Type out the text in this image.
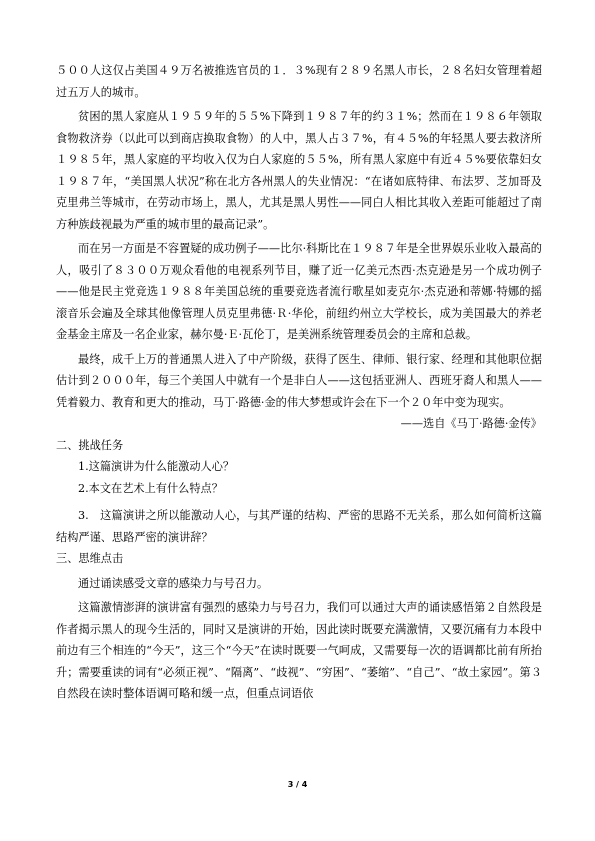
５００人这仅占美国４９万名被推选官员的１．３%现有２８９名黑人市长，２８名妇女管理着超过五万人的城市。

贫困的黑人家庭从１９５９年的５５%下降到１９８７年的约３１%；然而在１９８６年领取食物救济券（以此可以到商店换取食物）的人中，黑人占３７%，有４５%的年轻黑人要去救济所１９８５年，黑人家庭的平均收入仅为白人家庭的５５%，所有黑人家庭中有近４５%要依靠妇女１９８７年，“美国黑人状况”称在北方各州黑人的失业情况：“在诸如底特律、布法罗、芝加哥及克里弗兰等城市，在劳动市场上，黑人，尤其是黑人男性——同白人相比其收入差距可能超过了南方种族歧视最为严重的城市里的最高记录”。

而在另一方面是不容置疑的成功例子——比尔·科斯比在１９８７年是全世界娱乐业收入最高的人，吸引了８３００万观众看他的电视系列节目，赚了近一亿美元杰西·杰克逊是另一个成功例子——他是民主党竞选１９８８年美国总统的重要竞选者流行歌星如麦克尔·杰克逊和蒂娜·特娜的摇滚音乐会遍及全球其他像管理人员克里弗德·Ｒ·华伦，前纽约州立大学校长，成为美国最大的养老金基金主席及一名企业家，赫尔曼·Ｅ·瓦伦丁，是美洲系统管理委员会的主席和总裁。

最终，成千上万的普通黑人进入了中产阶级，获得了医生、律师、银行家、经理和其他职位据估计到２０００年，每三个美国人中就有一个是非白人——这包括亚洲人、西班牙裔人和黑人——凭着毅力、教育和更大的推动，马丁·路德·金的伟大梦想或许会在下一个２０年中变为现实。

——选自《马丁·路德·金传》

二、挑战任务

1.这篇演讲为什么能激动人心？

2.本文在艺术上有什么特点？

3.　这篇演讲之所以能激动人心，与其严谨的结构、严密的思路不无关系，那么如何简析这篇结构严谨、思路严密的演讲辞？

三、思维点击

通过诵读感受文章的感染力与号召力。

这篇激情澎湃的演讲富有强烈的感染力与号召力，我们可以通过大声的诵读感悟第２自然段是作者揭示黑人的现今生活的，同时又是演讲的开始，因此读时既要充满激情，又要沉痛有力本段中前边有三个相连的“今天”，这三个“今天”在读时既要一气呵成，又需要每一次的语调都比前有所抬升；需要重读的词有“必须正视”、“隔离”、“歧视”、“穷困”、“萎缩”、“自己”、“故土家园”。第３自然段在读时整体语调可略和缓一点，但重点词语依

3 / 4
